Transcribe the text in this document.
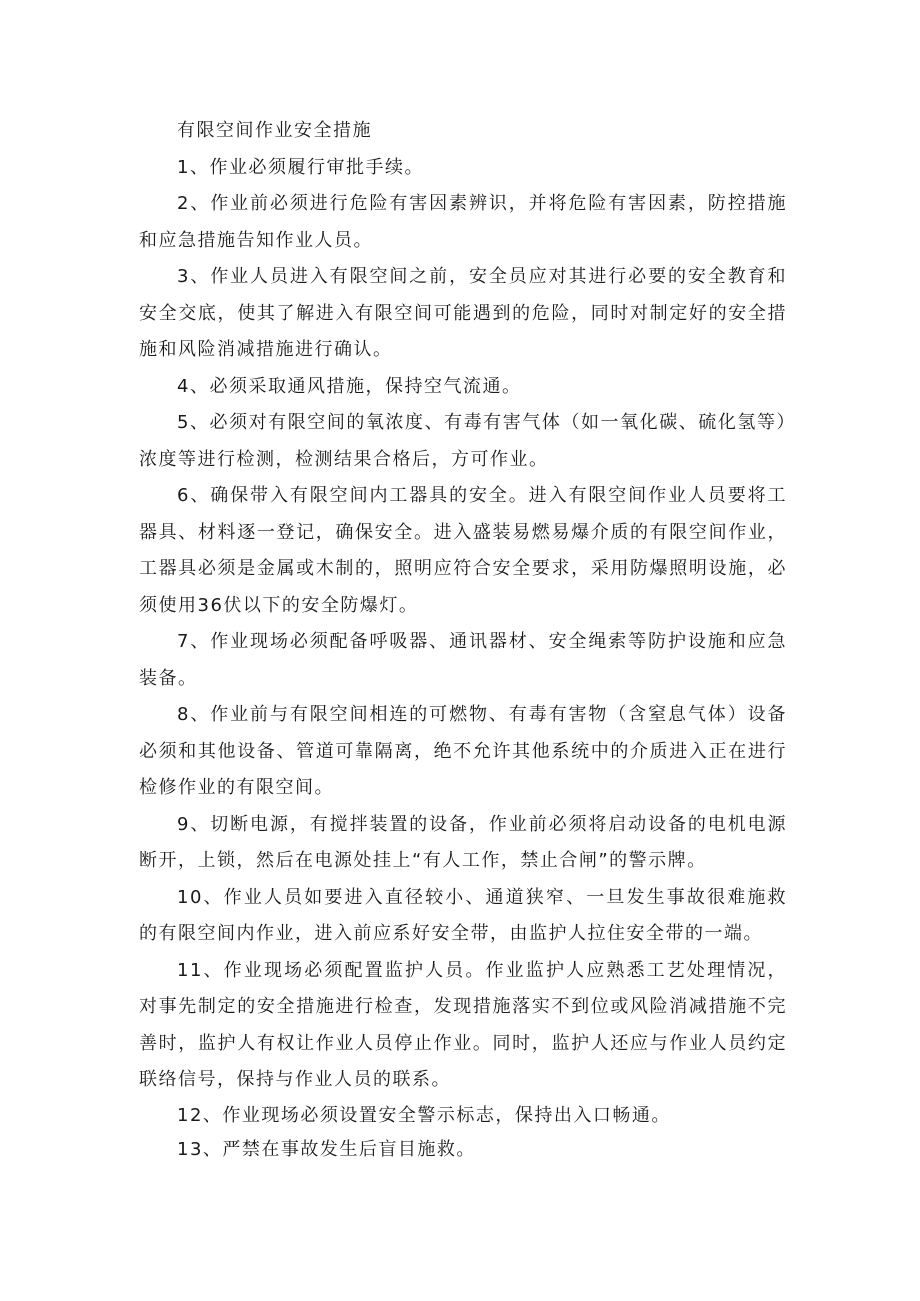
有限空间作业安全措施

1、作业必须履行审批手续。

2、作业前必须进行危险有害因素辨识，并将危险有害因素，防控措施和应急措施告知作业人员。

3、作业人员进入有限空间之前，安全员应对其进行必要的安全教育和安全交底，使其了解进入有限空间可能遇到的危险，同时对制定好的安全措施和风险消减措施进行确认。

4、必须采取通风措施，保持空气流通。

5、必须对有限空间的氧浓度、有毒有害气体（如一氧化碳、硫化氢等）浓度等进行检测，检测结果合格后，方可作业。

6、确保带入有限空间内工器具的安全。进入有限空间作业人员要将工器具、材料逐一登记，确保安全。进入盛装易燃易爆介质的有限空间作业，工器具必须是金属或木制的，照明应符合安全要求，采用防爆照明设施，必须使用36伏以下的安全防爆灯。

7、作业现场必须配备呼吸器、通讯器材、安全绳索等防护设施和应急装备。

8、作业前与有限空间相连的可燃物、有毒有害物（含窒息气体）设备必须和其他设备、管道可靠隔离，绝不允许其他系统中的介质进入正在进行检修作业的有限空间。

9、切断电源，有搅拌装置的设备，作业前必须将启动设备的电机电源断开，上锁，然后在电源处挂上“有人工作，禁止合闸”的警示牌。

10、作业人员如要进入直径较小、通道狭窄、一旦发生事故很难施救的有限空间内作业，进入前应系好安全带，由监护人拉住安全带的一端。

11、作业现场必须配置监护人员。作业监护人应熟悉工艺处理情况，对事先制定的安全措施进行检查，发现措施落实不到位或风险消减措施不完善时，监护人有权让作业人员停止作业。同时，监护人还应与作业人员约定联络信号，保持与作业人员的联系。

12、作业现场必须设置安全警示标志，保持出入口畅通。

13、严禁在事故发生后盲目施救。
